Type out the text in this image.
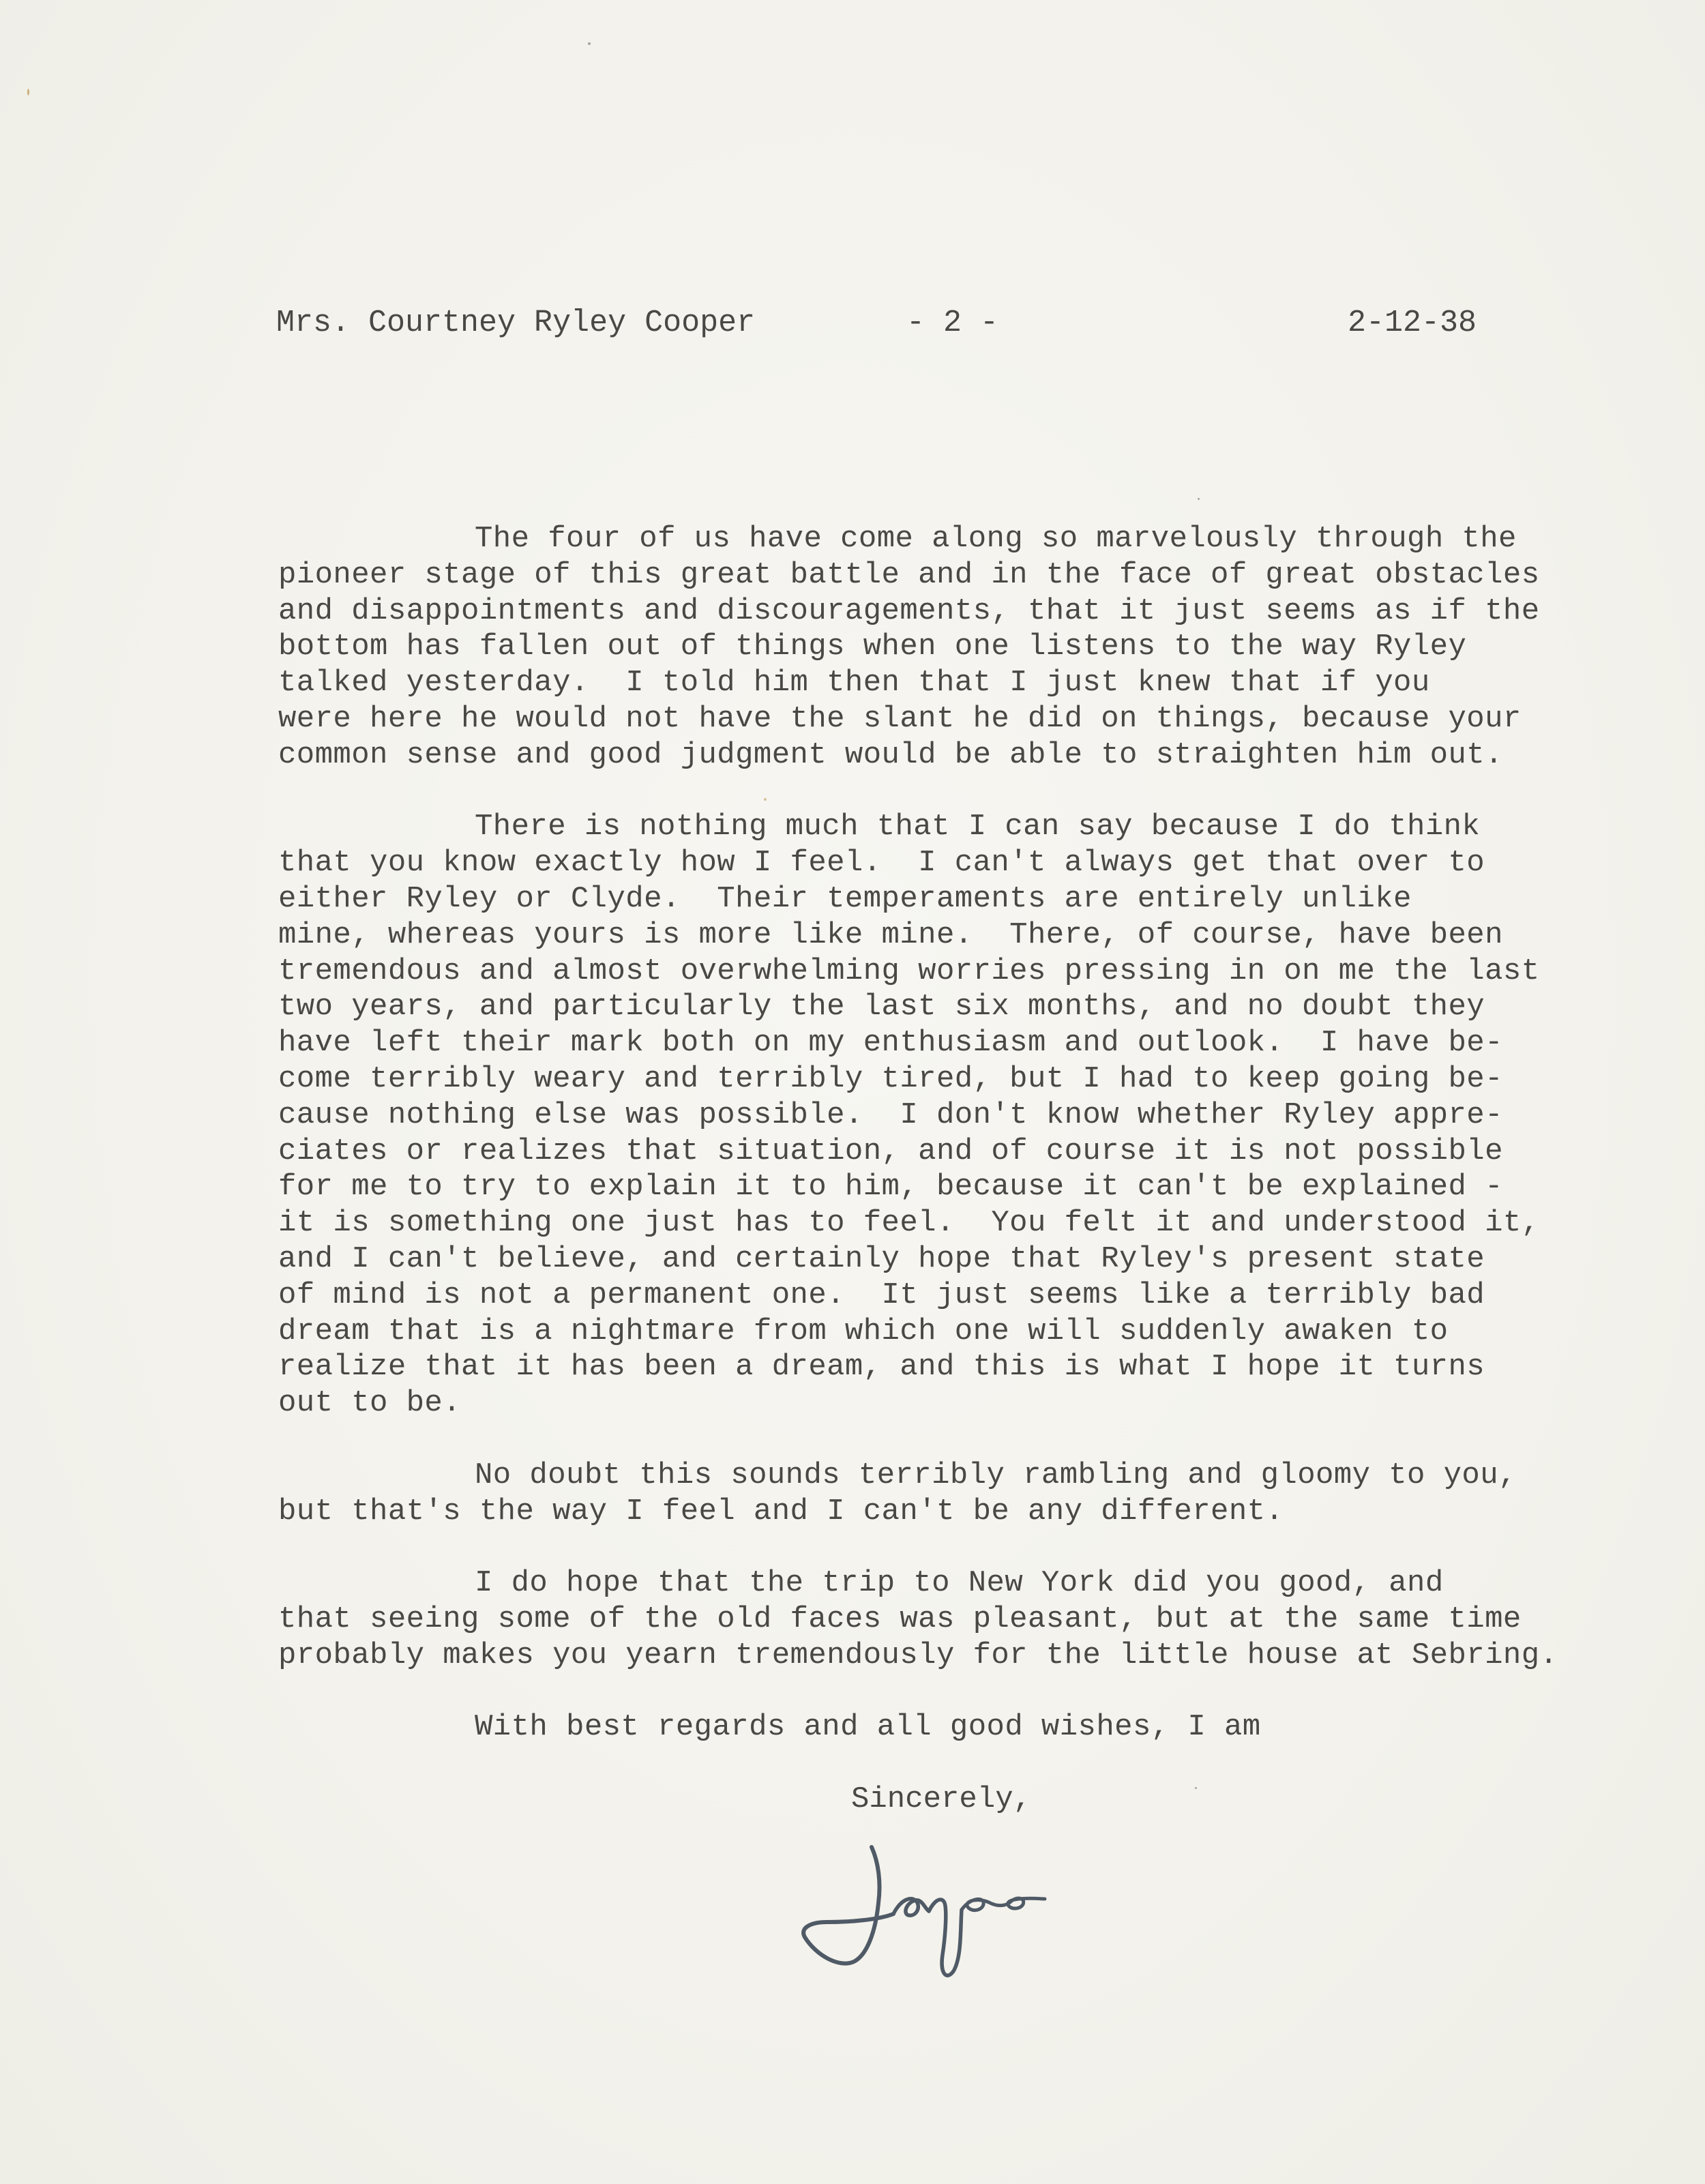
Mrs. Courtney Ryley Cooper	- 2 -	2-12-38
The four of us have come along so marvelously through the
pioneer stage of this great battle and in the face of great obstacles
and disappointments and discouragements, that it just seems as if the
bottom has fallen out of things when one listens to the way Ryley
talked yesterday.  I told him then that I just knew that if you
were here he would not have the slant he did on things, because your
common sense and good judgment would be able to straighten him out.
There is nothing much that I can say because I do think
that you know exactly how I feel.  I can't always get that over to
either Ryley or Clyde.  Their temperaments are entirely unlike
mine, whereas yours is more like mine.  There, of course, have been
tremendous and almost overwhelming worries pressing in on me the last
two years, and particularly the last six months, and no doubt they
have left their mark both on my enthusiasm and outlook.  I have be-
come terribly weary and terribly tired, but I had to keep going be-
cause nothing else was possible.  I don't know whether Ryley appre-
ciates or realizes that situation, and of course it is not possible
for me to try to explain it to him, because it can't be explained -
it is something one just has to feel.  You felt it and understood it,
and I can't believe, and certainly hope that Ryley's present state
of mind is not a permanent one.  It just seems like a terribly bad
dream that is a nightmare from which one will suddenly awaken to
realize that it has been a dream, and this is what I hope it turns
out to be.
No doubt this sounds terribly rambling and gloomy to you,
but that's the way I feel and I can't be any different.
I do hope that the trip to New York did you good, and
that seeing some of the old faces was pleasant, but at the same time
probably makes you yearn tremendously for the little house at Sebring.
With best regards and all good wishes, I am
Sincerely,
